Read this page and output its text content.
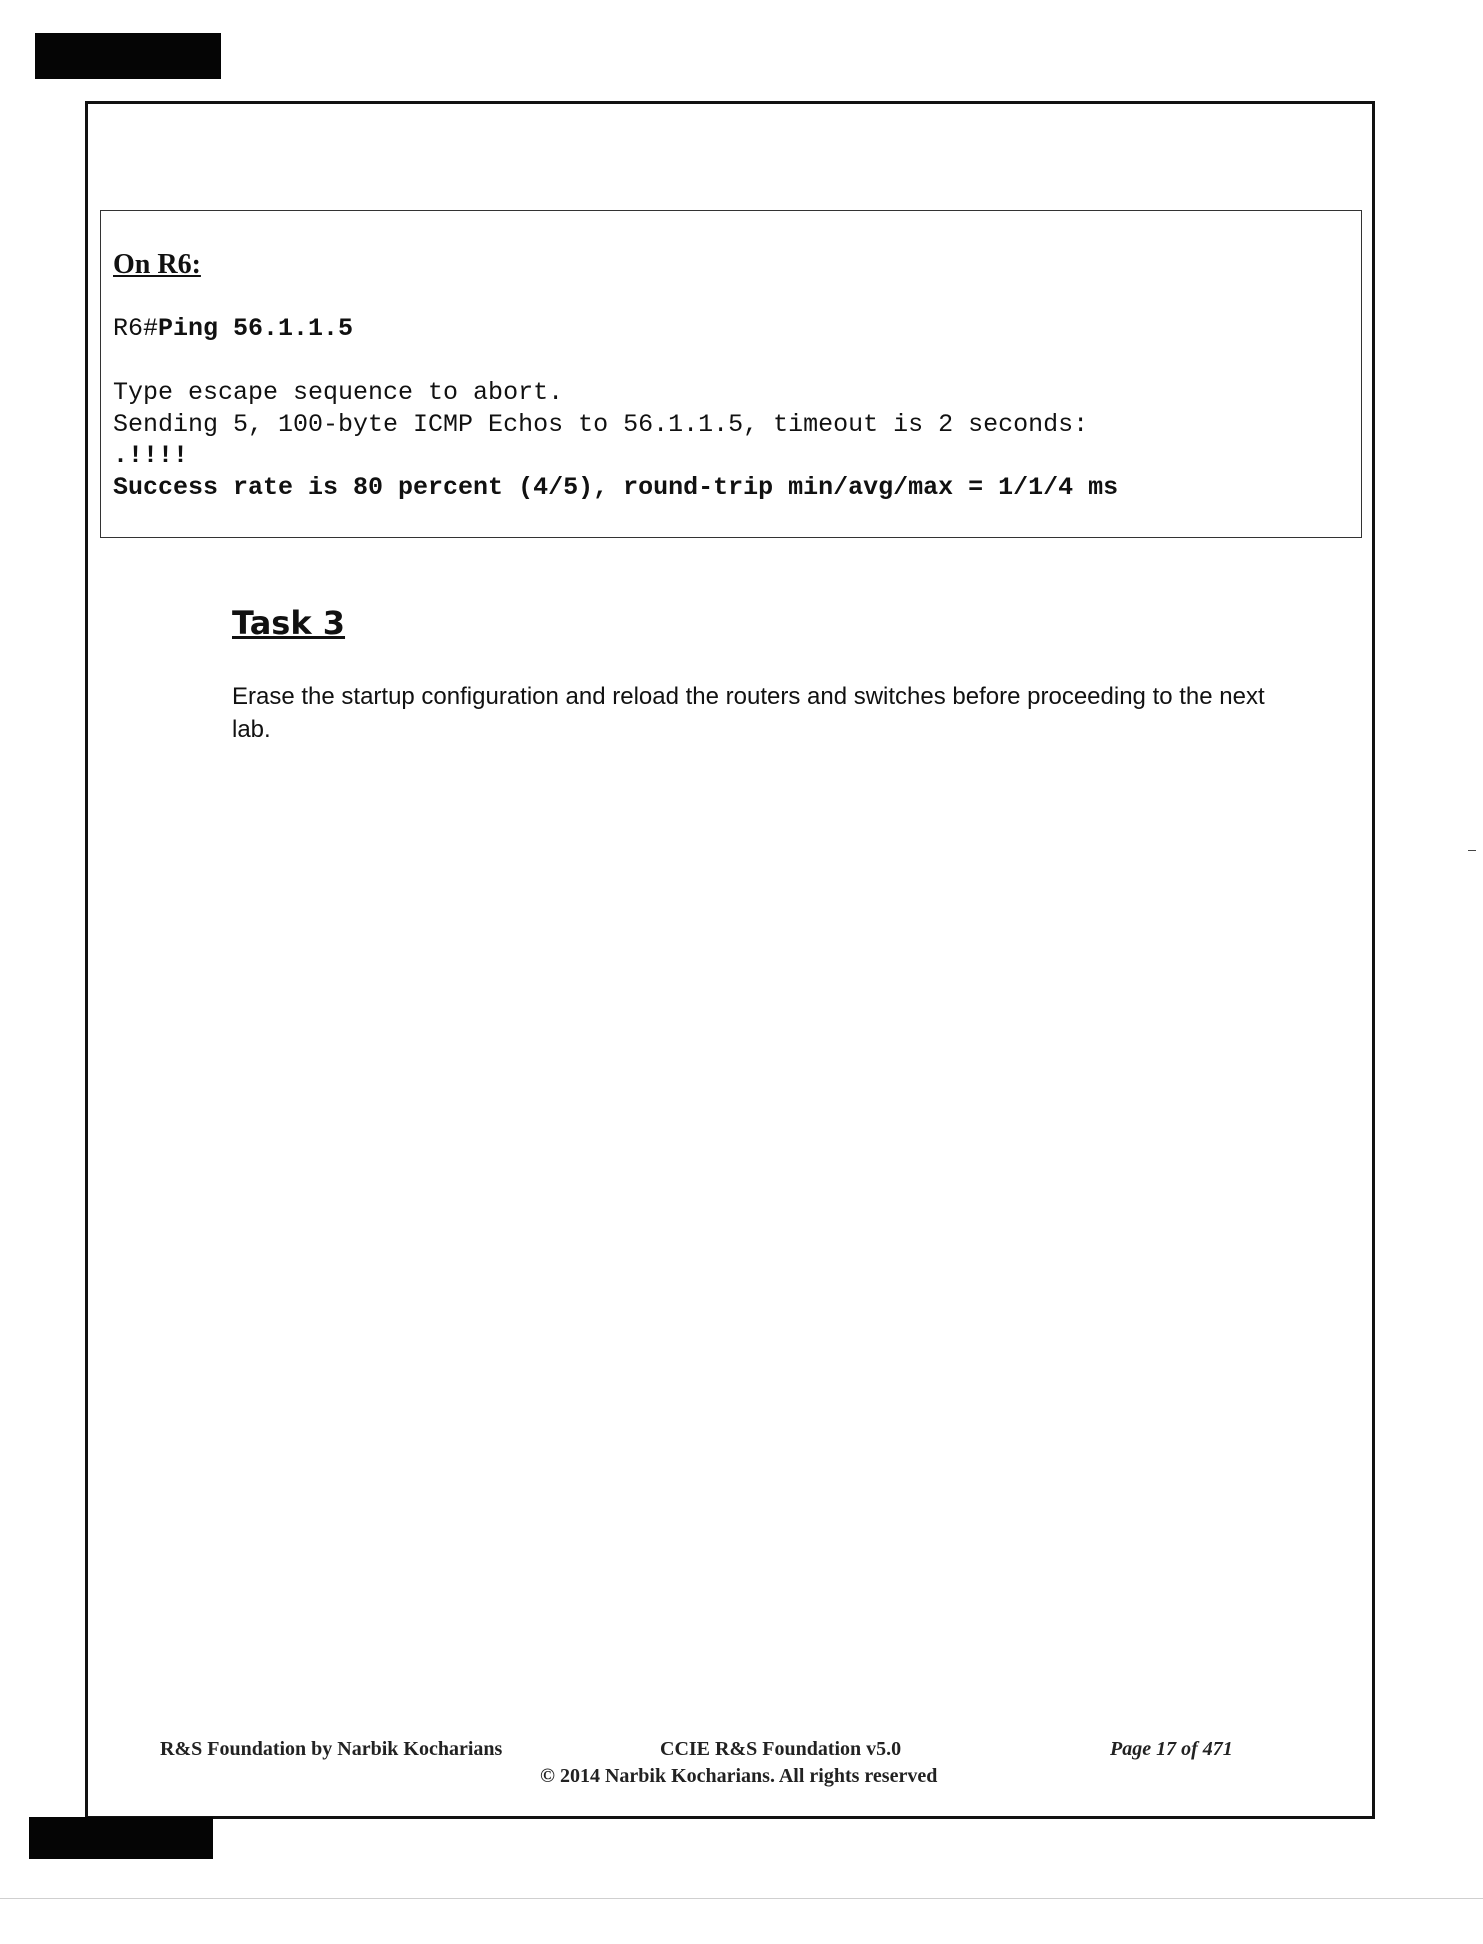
On R6:
R6#Ping 56.1.1.5
Type escape sequence to abort.
Sending 5, 100-byte ICMP Echos to 56.1.1.5, timeout is 2 seconds:
.!!!!
Success rate is 80 percent (4/5), round-trip min/avg/max = 1/1/4 ms
Task 3

Erase the startup configuration and reload the routers and switches before proceeding to the next lab.

R&S Foundation by Narbik Kocharians	CCIE R&S Foundation v5.0	Page 17 of 471
© 2014 Narbik Kocharians. All rights reserved
